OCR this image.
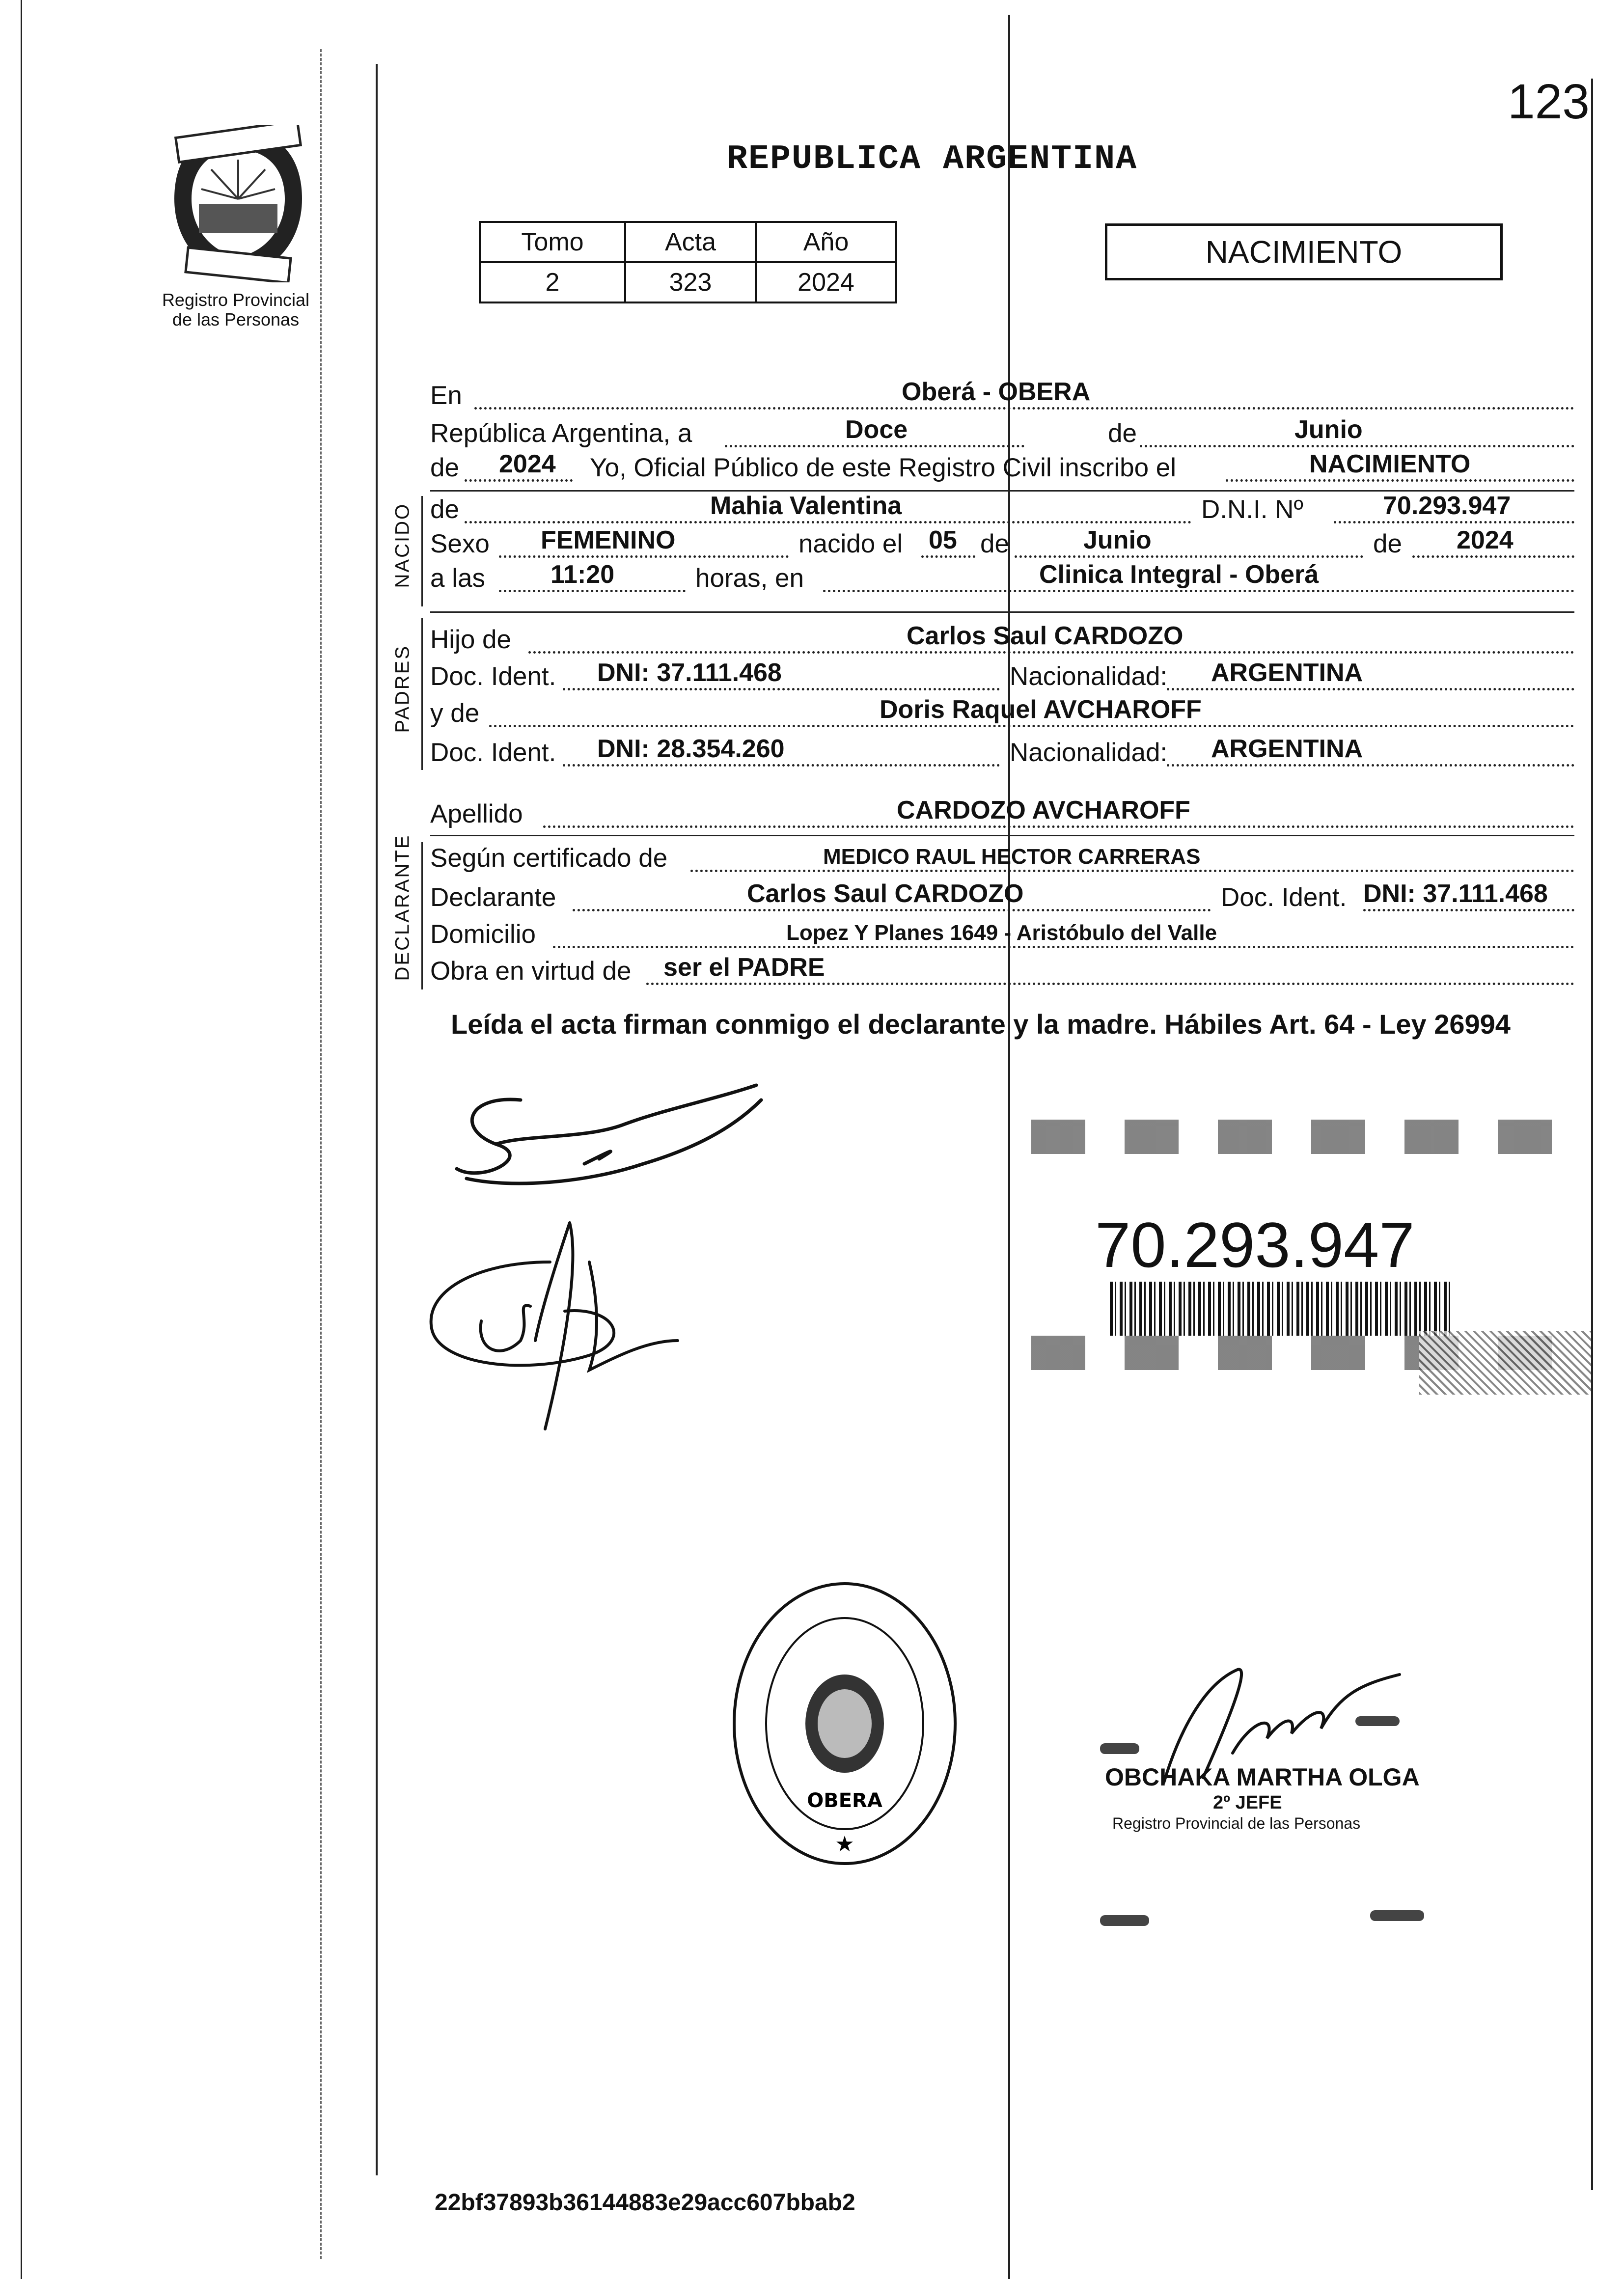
123
Registro Provincial
de las Personas
REPUBLICA ARGENTINA
Tomo	Acta	Año
2	323	2024
NACIMIENTO
En	Oberá - OBERA
República Argentina, a	Doce	de	Junio
de 2024 Yo, Oficial Público de este Registro Civil inscribo el	NACIMIENTO
NACIDO de	Mahia Valentina	D.N.I. Nº	70.293.947
Sexo FEMENINO	nacido el 05 de	Junio	de 2024
a las	11:20	horas, en	Clinica Integral - Oberá
PADRES
Hijo de	Carlos Saul CARDOZO
Doc. Ident. DNI: 37.111.468	Nacionalidad: ARGENTINA
y de	Doris Raquel AVCHAROFF
Doc. Ident. DNI: 28.354.260	Nacionalidad: ARGENTINA
Apellido	CARDOZO AVCHAROFF
DECLARANTE Según certificado de	MEDICO RAUL HECTOR CARRERAS
Declarante	Carlos Saul CARDOZO	Doc. Ident. DNI: 37.111.468
Domicilio	Lopez Y Planes 1649 - Aristóbulo del Valle
Obra en virtud de ser el PADRE
Leída el acta firman conmigo el declarante y la madre. Hábiles Art. 64 - Ley 26994
70.293.947
OBERA
★
OBCHAKA MARTHA OLGA
2º JEFE
Registro Provincial de las Personas
22bf37893b36144883e29acc607bbab2
